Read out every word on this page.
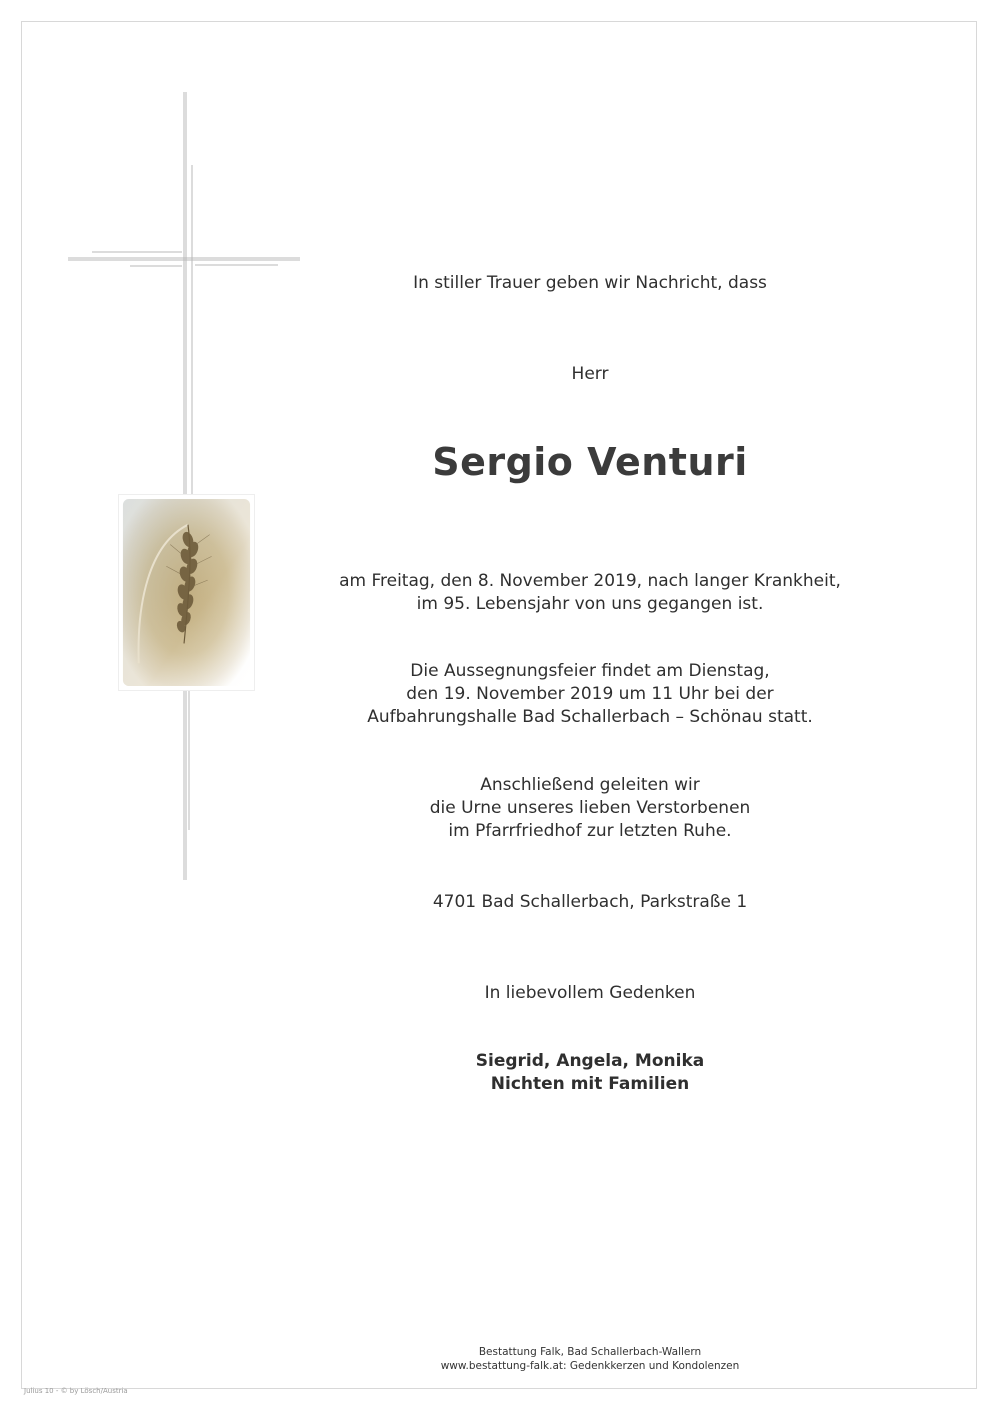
In stiller Trauer geben wir Nachricht, dass
Herr
Sergio Venturi
am Freitag, den 8. November 2019, nach langer Krankheit,
im 95. Lebensjahr von uns gegangen ist.
Die Aussegnungsfeier findet am Dienstag,
den 19. November 2019 um 11 Uhr bei der
Aufbahrungshalle Bad Schallerbach – Schönau statt.
Anschließend geleiten wir
die Urne unseres lieben Verstorbenen
im Pfarrfriedhof zur letzten Ruhe.
4701 Bad Schallerbach, Parkstraße 1
In liebevollem Gedenken
Siegrid, Angela, Monika
Nichten mit Familien
Bestattung Falk, Bad Schallerbach-Wallern
www.bestattung-falk.at: Gedenkkerzen und Kondolenzen
Julius 10 - © by Lösch/Austria
